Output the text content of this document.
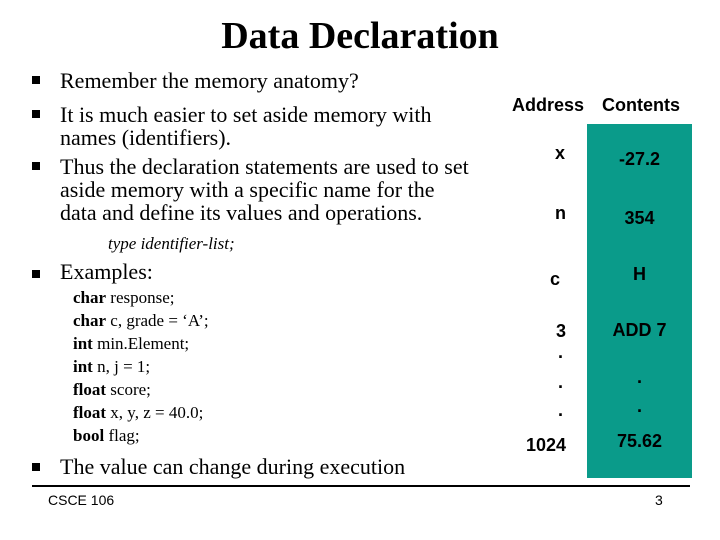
Data Declaration
Remember the memory anatomy?
It is much easier to set aside memory with
names (identifiers).
Thus the declaration statements are used to set
aside memory with a specific name for the
data and define its values and operations.
type identifier-list;
Examples:
char response;
char c, grade = ‘A’;
int min.Element;
int n, j = 1;
float score;
float x, y, z = 40.0;
bool flag;
The value can change during execution
Address Contents
x
n
c
3
.
.
.
1024
-27.2
354
H
ADD 7
.
.
75.62
CSCE 106	3
